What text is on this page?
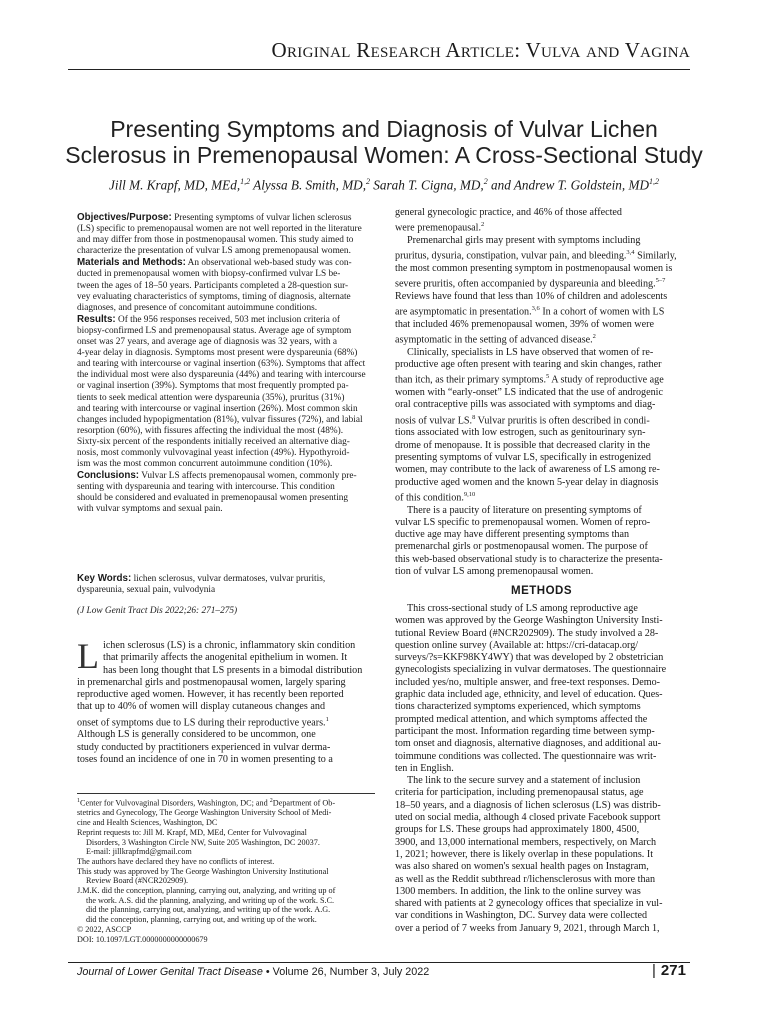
Original Research Article: Vulva and Vagina
Presenting Symptoms and Diagnosis of Vulvar Lichen
Sclerosus in Premenopausal Women: A Cross-Sectional Study
Jill M. Krapf, MD, MEd,$^{1,2}$ Alyssa B. Smith, MD,$^2$ Sarah T. Cigna, MD,$^2$ and Andrew T. Goldstein, MD$^{1,2}$
Objectives/Purpose: Presenting symptoms of vulvar lichen sclerosus
(LS) specific to premenopausal women are not well reported in the literature
and may differ from those in postmenopausal women. This study aimed to
characterize the presentation of vulvar LS among premenopausal women.
Materials and Methods: An observational web-based study was con-
ducted in premenopausal women with biopsy-confirmed vulvar LS be-
tween the ages of 18–50 years. Participants completed a 28-question sur-
vey evaluating characteristics of symptoms, timing of diagnosis, alternate
diagnoses, and presence of concomitant autoimmune conditions.
Results: Of the 956 responses received, 503 met inclusion criteria of
biopsy-confirmed LS and premenopausal status. Average age of symptom
onset was 27 years, and average age of diagnosis was 32 years, with a
4-year delay in diagnosis. Symptoms most present were dyspareunia (68%)
and tearing with intercourse or vaginal insertion (63%). Symptoms that affect
the individual most were also dyspareunia (44%) and tearing with intercourse
or vaginal insertion (39%). Symptoms that most frequently prompted pa-
tients to seek medical attention were dyspareunia (35%), pruritus (31%)
and tearing with intercourse or vaginal insertion (26%). Most common skin
changes included hypopigmentation (81%), vulvar fissures (72%), and labial
resorption (60%), with fissures affecting the individual the most (48%).
Sixty-six percent of the respondents initially received an alternative diag-
nosis, most commonly vulvovaginal yeast infection (49%). Hypothyroid-
ism was the most common concurrent autoimmune condition (10%).
Conclusions: Vulvar LS affects premenopausal women, commonly pre-
senting with dyspareunia and tearing with intercourse. This condition
should be considered and evaluated in premenopausal women presenting
with vulvar symptoms and sexual pain.
Key Words: lichen sclerosus, vulvar dermatoses, vulvar pruritis,
dyspareunia, sexual pain, vulvodynia
(J Low Genit Tract Dis 2022;26: 271–275)
L ichen sclerosus (LS) is a chronic, inflammatory skin condition
that primarily affects the anogenital epithelium in women. It
has been long thought that LS presents in a bimodal distribution
in premenarchal girls and postmenopausal women, largely sparing
reproductive aged women. However, it has recently been reported
that up to 40% of women will display cutaneous changes and
onset of symptoms due to LS during their reproductive years.$^1$
Although LS is generally considered to be uncommon, one
study conducted by practitioners experienced in vulvar derma-
toses found an incidence of one in 70 in women presenting to a
$^1$Center for Vulvovaginal Disorders, Washington, DC; and $^2$Department of Ob-
stetrics and Gynecology, The George Washington University School of Medi-
cine and Health Sciences, Washington, DC
Reprint requests to: Jill M. Krapf, MD, MEd, Center for Vulvovaginal
Disorders, 3 Washington Circle NW, Suite 205 Washington, DC 20037.
E-mail: jillkrapfmd@gmail.com
The authors have declared they have no conflicts of interest.
This study was approved by The George Washington University Institutional
Review Board (#NCR202909).
J.M.K. did the conception, planning, carrying out, analyzing, and writing up of
the work. A.S. did the planning, analyzing, and writing up of the work. S.C.
did the planning, carrying out, analyzing, and writing up of the work. A.G.
did the conception, planning, carrying out, and writing up of the work.
© 2022, ASCCP
DOI: 10.1097/LGT.0000000000000679
general gynecologic practice, and 46% of those affected
were premenopausal.$^2$
Premenarchal girls may present with symptoms including
pruritus, dysuria, constipation, vulvar pain, and bleeding.$^{3,4}$ Similarly,
the most common presenting symptom in postmenopausal women is
severe pruritis, often accompanied by dyspareunia and bleeding.$^{5-7}$
Reviews have found that less than 10% of children and adolescents
are asymptomatic in presentation.$^{3,6}$ In a cohort of women with LS
that included 46% premenopausal women, 39% of women were
asymptomatic in the setting of advanced disease.$^2$
Clinically, specialists in LS have observed that women of re-
productive age often present with tearing and skin changes, rather
than itch, as their primary symptoms.$^5$ A study of reproductive age
women with “early-onset” LS indicated that the use of androgenic
oral contraceptive pills was associated with symptoms and diag-
nosis of vulvar LS.$^8$ Vulvar pruritis is often described in condi-
tions associated with low estrogen, such as genitourinary syn-
drome of menopause. It is possible that decreased clarity in the
presenting symptoms of vulvar LS, specifically in estrogenized
women, may contribute to the lack of awareness of LS among re-
productive aged women and the known 5-year delay in diagnosis
of this condition.$^{9,10}$
There is a paucity of literature on presenting symptoms of
vulvar LS specific to premenopausal women. Women of repro-
ductive age may have different presenting symptoms than
premenarchal girls or postmenopausal women. The purpose of
this web-based observational study is to characterize the presenta-
tion of vulvar LS among premenopausal women.
METHODS
This cross-sectional study of LS among reproductive age
women was approved by the George Washington University Insti-
tutional Review Board (#NCR202909). The study involved a 28-
question online survey (Available at: https://cri-datacap.org/
surveys/?s=KKF98KY4WY) that was developed by 2 obstetrician
gynecologists specializing in vulvar dermatoses. The questionnaire
included yes/no, multiple answer, and free-text responses. Demo-
graphic data included age, ethnicity, and level of education. Ques-
tions characterized symptoms experienced, which symptoms
prompted medical attention, and which symptoms affected the
participant the most. Information regarding time between symp-
tom onset and diagnosis, alternative diagnoses, and additional au-
toimmune conditions was collected. The questionnaire was writ-
ten in English.
The link to the secure survey and a statement of inclusion
criteria for participation, including premenopausal status, age
18–50 years, and a diagnosis of lichen sclerosus (LS) was distrib-
uted on social media, although 4 closed private Facebook support
groups for LS. These groups had approximately 1800, 4500,
3900, and 13,000 international members, respectively, on March
1, 2021; however, there is likely overlap in these populations. It
was also shared on women's sexual health pages on Instagram,
as well as the Reddit subthread r/lichensclerosus with more than
1300 members. In addition, the link to the online survey was
shared with patients at 2 gynecology offices that specialize in vul-
var conditions in Washington, DC. Survey data were collected
over a period of 7 weeks from January 9, 2021, through March 1,
Journal of Lower Genital Tract Disease • Volume 26, Number 3, July 2022	| 271
